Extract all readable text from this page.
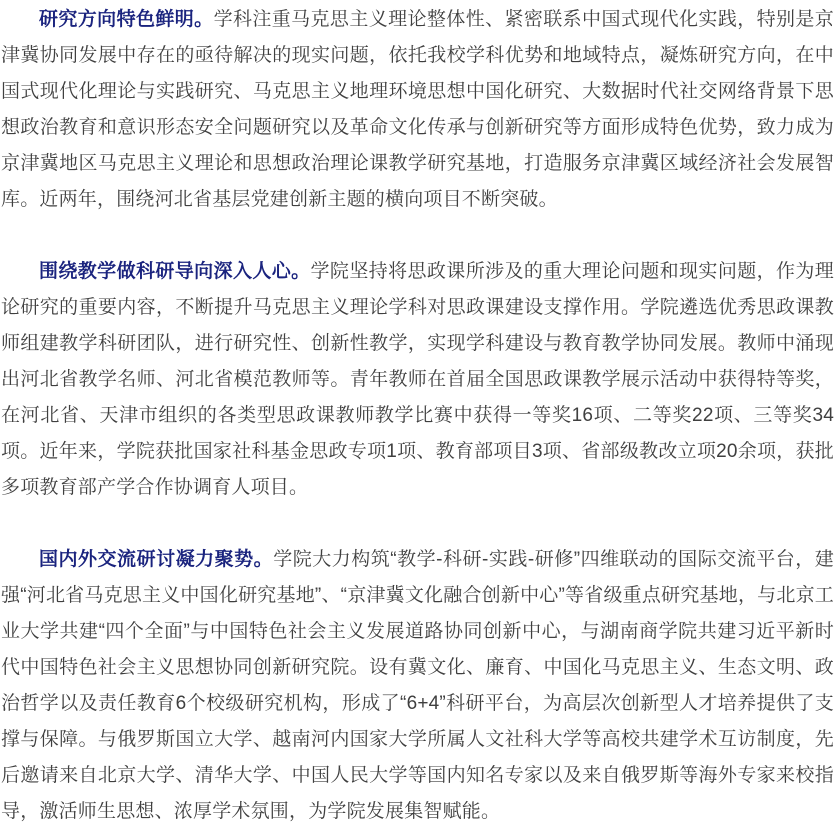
研究方向特色鲜明。学科注重马克思主义理论整体性、紧密联系中国式现代化实践，特别是京津冀协同发展中存在的亟待解决的现实问题，依托我校学科优势和地域特点，凝炼研究方向，在中国式现代化理论与实践研究、马克思主义地理环境思想中国化研究、大数据时代社交网络背景下思想政治教育和意识形态安全问题研究以及革命文化传承与创新研究等方面形成特色优势，致力成为京津冀地区马克思主义理论和思想政治理论课教学研究基地，打造服务京津冀区域经济社会发展智库。近两年，围绕河北省基层党建创新主题的横向项目不断突破。

围绕教学做科研导向深入人心。学院坚持将思政课所涉及的重大理论问题和现实问题，作为理论研究的重要内容，不断提升马克思主义理论学科对思政课建设支撑作用。学院遴选优秀思政课教师组建教学科研团队，进行研究性、创新性教学，实现学科建设与教育教学协同发展。教师中涌现出河北省教学名师、河北省模范教师等。青年教师在首届全国思政课教学展示活动中获得特等奖，在河北省、天津市组织的各类型思政课教师教学比赛中获得一等奖16项、二等奖22项、三等奖34项。近年来，学院获批国家社科基金思政专项1项、教育部项目3项、省部级教改立项20余项，获批多项教育部产学合作协调育人项目。

国内外交流研讨凝力聚势。学院大力构筑“教学-科研-实践-研修”四维联动的国际交流平台，建强“河北省马克思主义中国化研究基地”、“京津冀文化融合创新中心”等省级重点研究基地，与北京工业大学共建“四个全面”与中国特色社会主义发展道路协同创新中心，与湖南商学院共建习近平新时代中国特色社会主义思想协同创新研究院。设有冀文化、廉育、中国化马克思主义、生态文明、政治哲学以及责任教育6个校级研究机构，形成了“6+4”科研平台，为高层次创新型人才培养提供了支撑与保障。与俄罗斯国立大学、越南河内国家大学所属人文社科大学等高校共建学术互访制度，先后邀请来自北京大学、清华大学、中国人民大学等国内知名专家以及来自俄罗斯等海外专家来校指导，激活师生思想、浓厚学术氛围，为学院发展集智赋能。
